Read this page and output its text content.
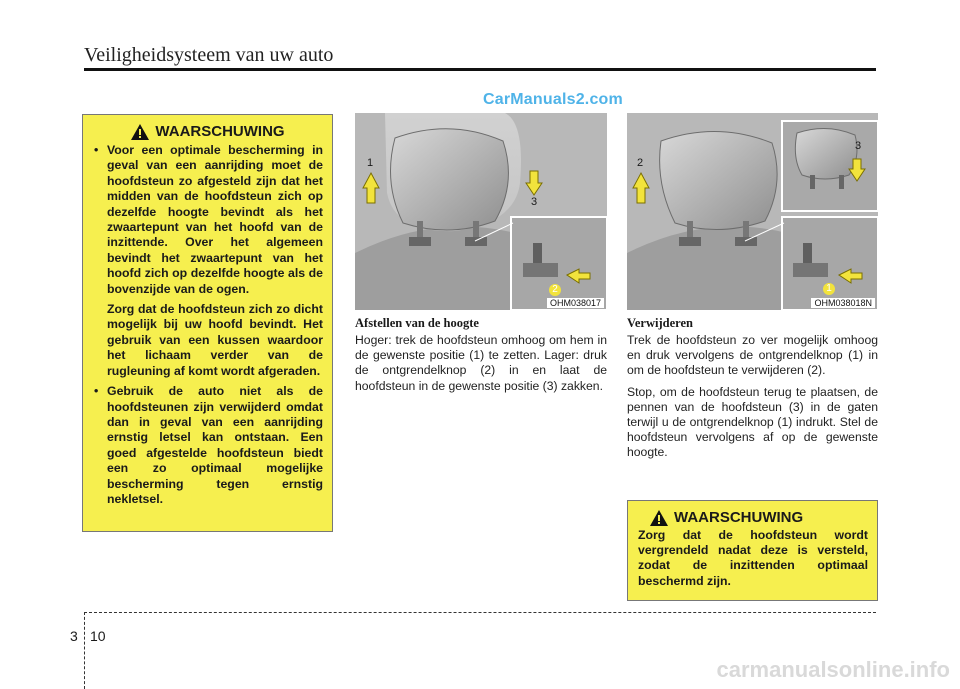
Veiligheidsysteem van uw auto
CarManuals2.com
WAARSCHUWING
• Voor een optimale bescherming in geval van een aanrijding moet de hoofdsteun zo afgesteld zijn dat het midden van de hoofdsteun zich op dezelfde hoogte bevindt als het zwaartepunt van het hoofd van de inzittende. Over het algemeen bevindt het zwaartepunt van het hoofd zich op dezelfde hoogte als de bovenzijde van de ogen.
Zorg dat de hoofdsteun zich zo dicht mogelijk bij uw hoofd bevindt. Het gebruik van een kussen waardoor het lichaam verder van de rugleuning af komt wordt afgeraden.
• Gebruik de auto niet als de hoofdsteunen zijn verwijderd omdat dan in geval van een aanrijding ernstig letsel kan ontstaan. Een goed afgestelde hoofdsteun biedt een zo optimaal mogelijke bescherming tegen ernstig nekletsel.
1
3
2
OHM038017
2
3
1
OHM038018N
Afstellen van de hoogte

Hoger: trek de hoofdsteun omhoog om hem in de gewenste positie (1) te zetten. Lager: druk de ontgrendelknop (2) in en laat de hoofdsteun in de gewenste positie (3) zakken.

Verwijderen

Trek de hoofdsteun zo ver mogelijk omhoog en druk vervolgens de ontgrendelknop (1) in om de hoofdsteun te verwijderen (2).

Stop, om de hoofdsteun terug te plaatsen, de pennen van de hoofdsteun (3) in de gaten terwijl u de ontgrendelknop (1) indrukt. Stel de hoofdsteun vervolgens af op de gewenste hoogte.

WAARSCHUWING
Zorg dat de hoofdsteun wordt vergrendeld nadat deze is versteld, zodat de inzittenden optimaal beschermd zijn.
3 10
carmanualsonline.info
